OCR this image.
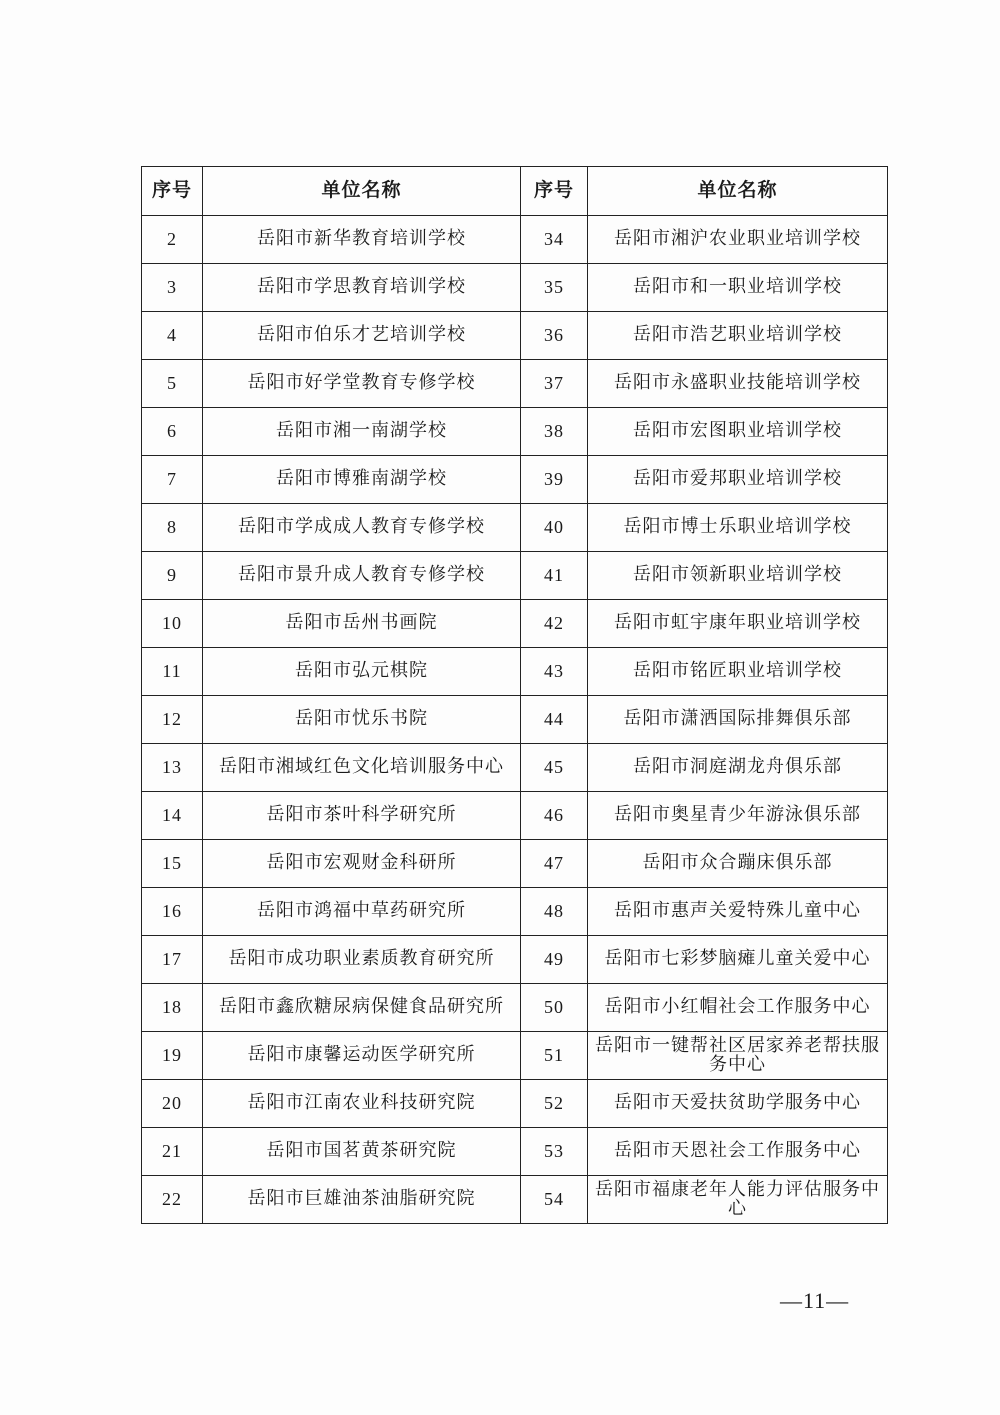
序号	单位名称	序号	单位名称
2	岳阳市新华教育培训学校	34	岳阳市湘沪农业职业培训学校
3	岳阳市学思教育培训学校	35	岳阳市和一职业培训学校
4	岳阳市伯乐才艺培训学校	36	岳阳市浩艺职业培训学校
5	岳阳市好学堂教育专修学校	37	岳阳市永盛职业技能培训学校
6	岳阳市湘一南湖学校	38	岳阳市宏图职业培训学校
7	岳阳市博雅南湖学校	39	岳阳市爱邦职业培训学校
8	岳阳市学成成人教育专修学校	40	岳阳市博士乐职业培训学校
9	岳阳市景升成人教育专修学校	41	岳阳市领新职业培训学校
10	岳阳市岳州书画院	42	岳阳市虹宇康年职业培训学校
11	岳阳市弘元棋院	43	岳阳市铭匠职业培训学校
12	岳阳市忧乐书院	44	岳阳市潇洒国际排舞俱乐部
13	岳阳市湘域红色文化培训服务中心	45	岳阳市洞庭湖龙舟俱乐部
14	岳阳市茶叶科学研究所	46	岳阳市奥星青少年游泳俱乐部
15	岳阳市宏观财金科研所	47	岳阳市众合蹦床俱乐部
16	岳阳市鸿福中草药研究所	48	岳阳市惠声关爱特殊儿童中心
17	岳阳市成功职业素质教育研究所	49	岳阳市七彩梦脑瘫儿童关爱中心
18	岳阳市鑫欣糖尿病保健食品研究所	50	岳阳市小红帽社会工作服务中心
19	岳阳市康馨运动医学研究所	51	岳阳市一键帮社区居家养老帮扶服务中心
20	岳阳市江南农业科技研究院	52	岳阳市天爱扶贫助学服务中心
21	岳阳市国茗黄茶研究院	53	岳阳市天恩社会工作服务中心
22	岳阳市巨雄油茶油脂研究院	54	岳阳市福康老年人能力评估服务中心
—11—
